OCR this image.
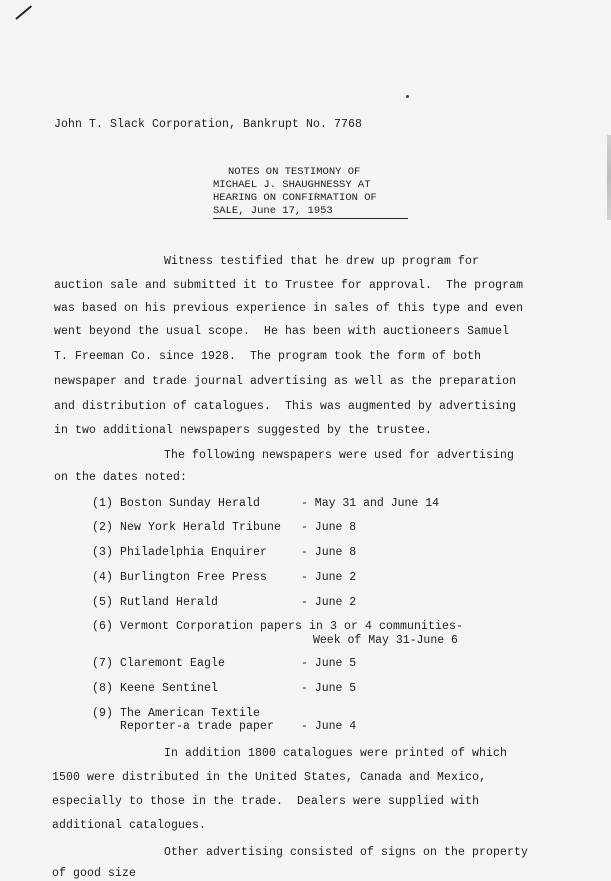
John T. Slack Corporation, Bankrupt No. 7768
NOTES ON TESTIMONY OF
MICHAEL J. SHAUGHNESSY AT
HEARING ON CONFIRMATION OF
SALE, June 17, 1953
Witness testified that he drew up program for
auction sale and submitted it to Trustee for approval.  The program
was based on his previous experience in sales of this type and even
went beyond the usual scope.  He has been with auctioneers Samuel
T. Freeman Co. since 1928.  The program took the form of both
newspaper and trade journal advertising as well as the preparation
and distribution of catalogues.  This was augmented by advertising
in two additional newspapers suggested by the trustee.
The following newspapers were used for advertising
on the dates noted:
(1) Boston Sunday Herald	- May 31 and June 14
(2) New York Herald Tribune - June 8
(3) Philadelphia Enquirer	- June 8
(4) Burlington Free Press	- June 2
(5) Rutland Herald	- June 2
(6) Vermont Corporation papers in 3 or 4 communities-
Week of May 31-June 6
(7) Claremont Eagle	- June 5
(8) Keene Sentinel	- June 5
(9) The American Textile
Reporter-a trade paper - June 4
In addition 1800 catalogues were printed of which
1500 were distributed in the United States, Canada and Mexico,
especially to those in the trade.  Dealers were supplied with
additional catalogues.
Other advertising consisted of signs on the property
of good size
